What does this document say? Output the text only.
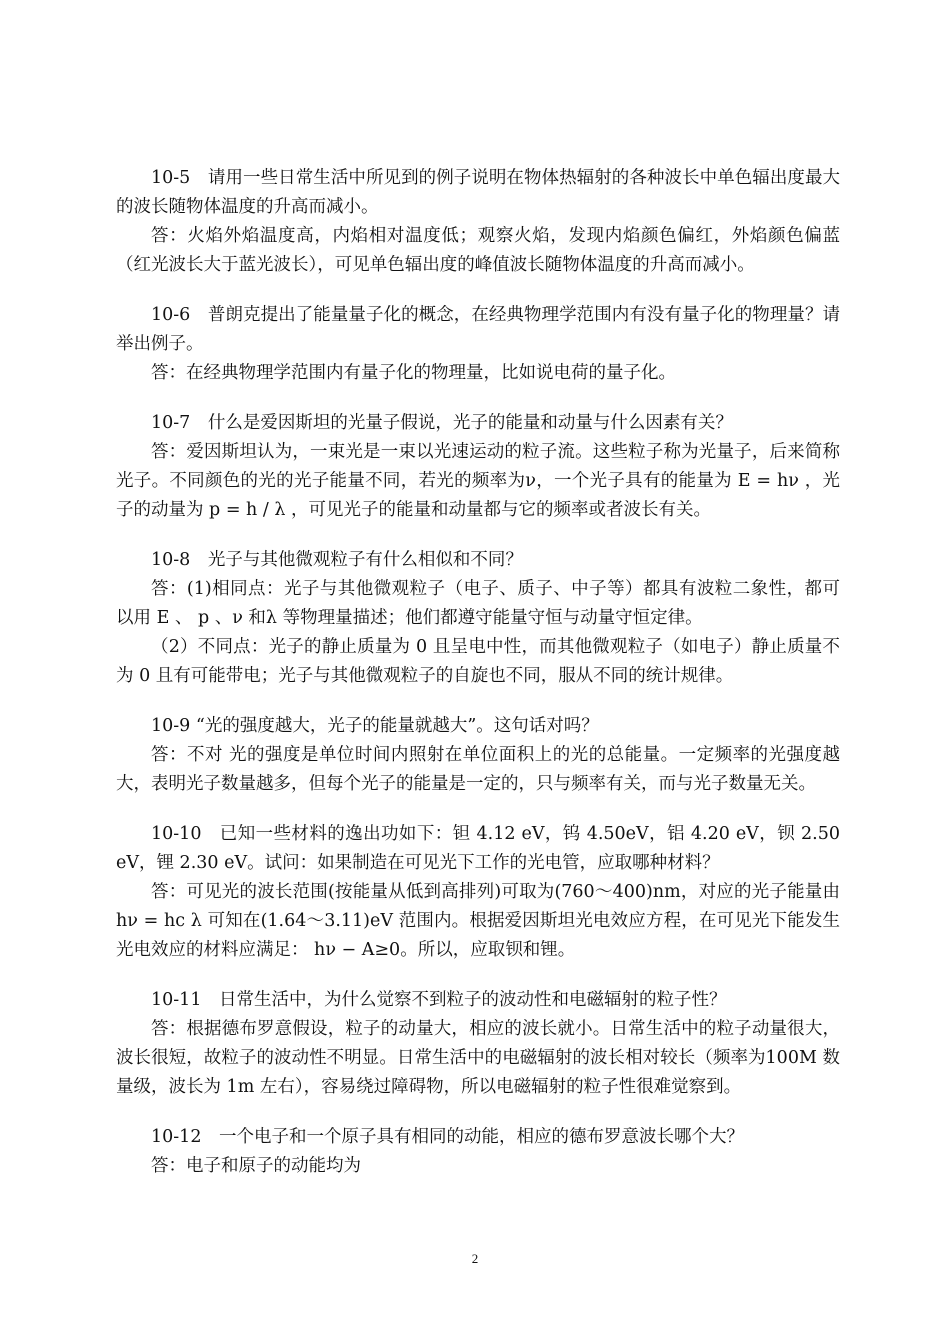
10-5　请用一些日常生活中所见到的例子说明在物体热辐射的各种波长中单色辐出度最大的波长随物体温度的升高而减小。

答：火焰外焰温度高，内焰相对温度低；观察火焰，发现内焰颜色偏红，外焰颜色偏蓝（红光波长大于蓝光波长），可见单色辐出度的峰值波长随物体温度的升高而减小。

10-6　普朗克提出了能量量子化的概念，在经典物理学范围内有没有量子化的物理量？请举出例子。

答：在经典物理学范围内有量子化的物理量，比如说电荷的量子化。

10-7　什么是爱因斯坦的光量子假说，光子的能量和动量与什么因素有关？

答：爱因斯坦认为，一束光是一束以光速运动的粒子流。这些粒子称为光量子，后来简称光子。不同颜色的光的光子能量不同，若光的频率为ν，一个光子具有的能量为 E = hν ，光子的动量为 p = h / λ ，可见光子的能量和动量都与它的频率或者波长有关。

10-8　光子与其他微观粒子有什么相似和不同？

答：(1)相同点：光子与其他微观粒子（电子、质子、中子等）都具有波粒二象性，都可以用 E 、 p 、ν 和λ 等物理量描述；他们都遵守能量守恒与动量守恒定律。

（2）不同点：光子的静止质量为 0 且呈电中性，而其他微观粒子（如电子）静止质量不为 0 且有可能带电；光子与其他微观粒子的自旋也不同，服从不同的统计规律。

10-9 “光的强度越大，光子的能量就越大”。这句话对吗？

答：不对 光的强度是单位时间内照射在单位面积上的光的总能量。一定频率的光强度越大，表明光子数量越多，但每个光子的能量是一定的，只与频率有关，而与光子数量无关。

10-10　已知一些材料的逸出功如下：钽 4.12 eV，钨 4.50eV，铝 4.20 eV，钡 2.50 eV，锂 2.30 eV。试问：如果制造在可见光下工作的光电管，应取哪种材料？

答：可见光的波长范围(按能量从低到高排列)可取为(760～400)nm，对应的光子能量由 hν = hc λ 可知在(1.64～3.11)eV 范围内。根据爱因斯坦光电效应方程，在可见光下能发生光电效应的材料应满足： hν − A≥0。所以，应取钡和锂。

10-11　日常生活中，为什么觉察不到粒子的波动性和电磁辐射的粒子性？

答：根据德布罗意假设，粒子的动量大，相应的波长就小。日常生活中的粒子动量很大，波长很短，故粒子的波动性不明显。日常生活中的电磁辐射的波长相对较长（频率为100M 数量级，波长为 1m 左右），容易绕过障碍物，所以电磁辐射的粒子性很难觉察到。

10-12　一个电子和一个原子具有相同的动能，相应的德布罗意波长哪个大？

答：电子和原子的动能均为

2
